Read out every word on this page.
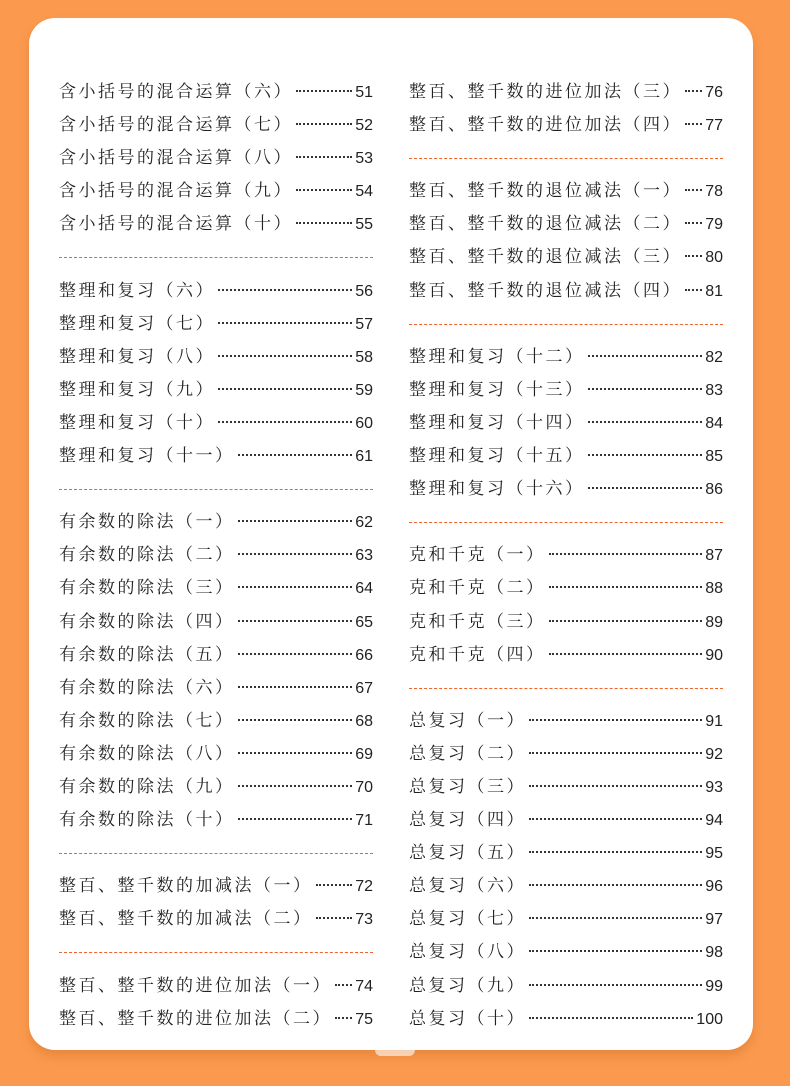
含小括号的混合运算（六）	51
含小括号的混合运算（七）	52
含小括号的混合运算（八）	53
含小括号的混合运算（九）	54
含小括号的混合运算（十）	55
整理和复习（六）	56
整理和复习（七）	57
整理和复习（八）	58
整理和复习（九）	59
整理和复习（十）	60
整理和复习（十一）	61
有余数的除法（一）	62
有余数的除法（二）	63
有余数的除法（三）	64
有余数的除法（四）	65
有余数的除法（五）	66
有余数的除法（六）	67
有余数的除法（七）	68
有余数的除法（八）	69
有余数的除法（九）	70
有余数的除法（十）	71
整百、整千数的加减法（一）	72
整百、整千数的加减法（二）	73
整百、整千数的进位加法（一） 74
整百、整千数的进位加法（二） 75
整百、整千数的进位加法（三） 76
整百、整千数的进位加法（四） 77
整百、整千数的退位减法（一） 78
整百、整千数的退位减法（二） 79
整百、整千数的退位减法（三） 80
整百、整千数的退位减法（四） 81
整理和复习（十二）	82
整理和复习（十三）	83
整理和复习（十四）	84
整理和复习（十五）	85
整理和复习（十六）	86
克和千克（一）	87
克和千克（二）	88
克和千克（三）	89
克和千克（四）	90
总复习（一）	91
总复习（二）	92
总复习（三）	93
总复习（四）	94
总复习（五）	95
总复习（六）	96
总复习（七）	97
总复习（八）	98
总复习（九）	99
总复习（十）	100
